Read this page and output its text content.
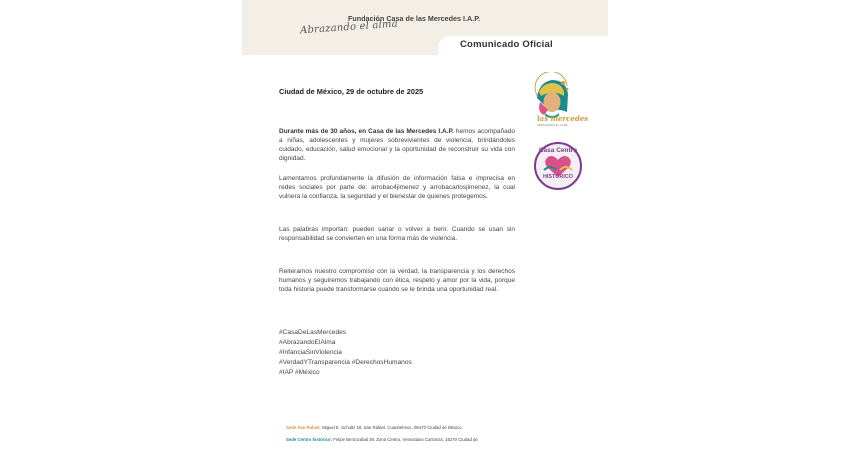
Fundación Casa de las Mercedes I.A.P.
Abrazando el alma
Comunicado Oficial
Ciudad de México, 29 de octubre de 2025

Durante más de 30 años, en Casa de las Mercedes I.A.P. hemos acompañado a niñas, adolescentes y mujeres sobrevivientes de violencia, brindándoles cuidado, educación, salud emocional y la oportunidad de reconstruir su vida con dignidad.

Lamentamos profundamente la difusión de información falsa e imprecisa en redes sociales por parte de: arrobac4jimenez y arrobacarlosjimenez, la cual vulnera la confianza, la seguridad y el bienestar de quienes protegemos.

Las palabras importan: pueden sanar o volver a herir. Cuando se usan sin responsabilidad se convierten en una forma más de violencia.

Reiteramos nuestro compromiso con la verdad, la transparencia y los derechos humanos y seguiremos trabajando con ética, respeto y amor por la vida, porque toda historia puede transformarse cuando se le brinda una oportunidad real.

#CasaDeLasMercedes
#AbrazandoElAlma
#InfanciaSinViolencia
#VerdadYTransparencia #DerechosHumanos
#IAP #México
Sede San Rafael: Miguel E. Schultz 18, San Rafael, Cuauhtémoc, 06470 Ciudad de México.
Sede Centro histórico: Felipe Berriozabal 39, Zona Centro, Venustiano Carranza, 15270 Ciudad de
las mercedes
ABRAZANDO EL ALMA
Casa Centro
HISTÓRICO
